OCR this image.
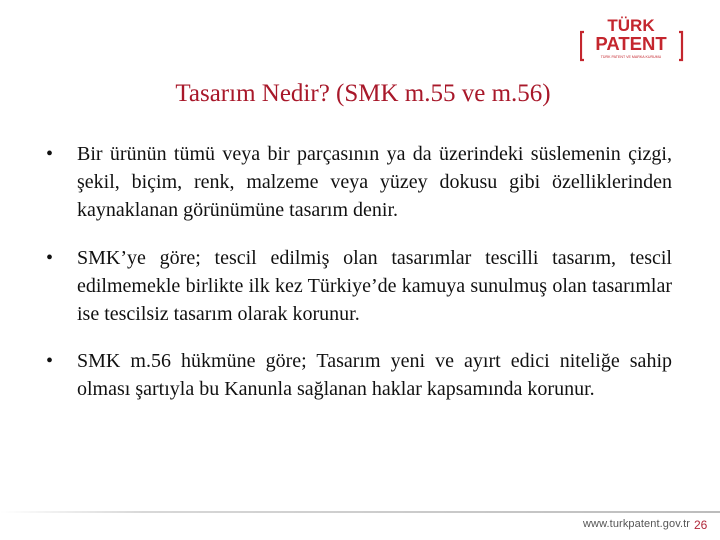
TÜRK
PATENT
TÜRK PATENT VE MARKA KURUMU
Tasarım Nedir? (SMK m.55 ve m.56)
•	Bir ürünün tümü veya bir parçasının ya da üzerindeki süslemenin çizgi, şekil, biçim, renk, malzeme veya yüzey dokusu gibi özelliklerinden kaynaklanan görünümüne tasarım denir.
•	SMK’ye göre; tescil edilmiş olan tasarımlar tescilli tasarım, tescil edilmemekle birlikte ilk kez Türkiye’de kamuya sunulmuş olan tasarımlar ise tescilsiz tasarım olarak korunur.
•	SMK m.56 hükmüne göre; Tasarım yeni ve ayırt edici niteliğe sahip olması şartıyla bu Kanunla sağlanan haklar kapsamında korunur.
www.turkpatent.gov.tr 26
